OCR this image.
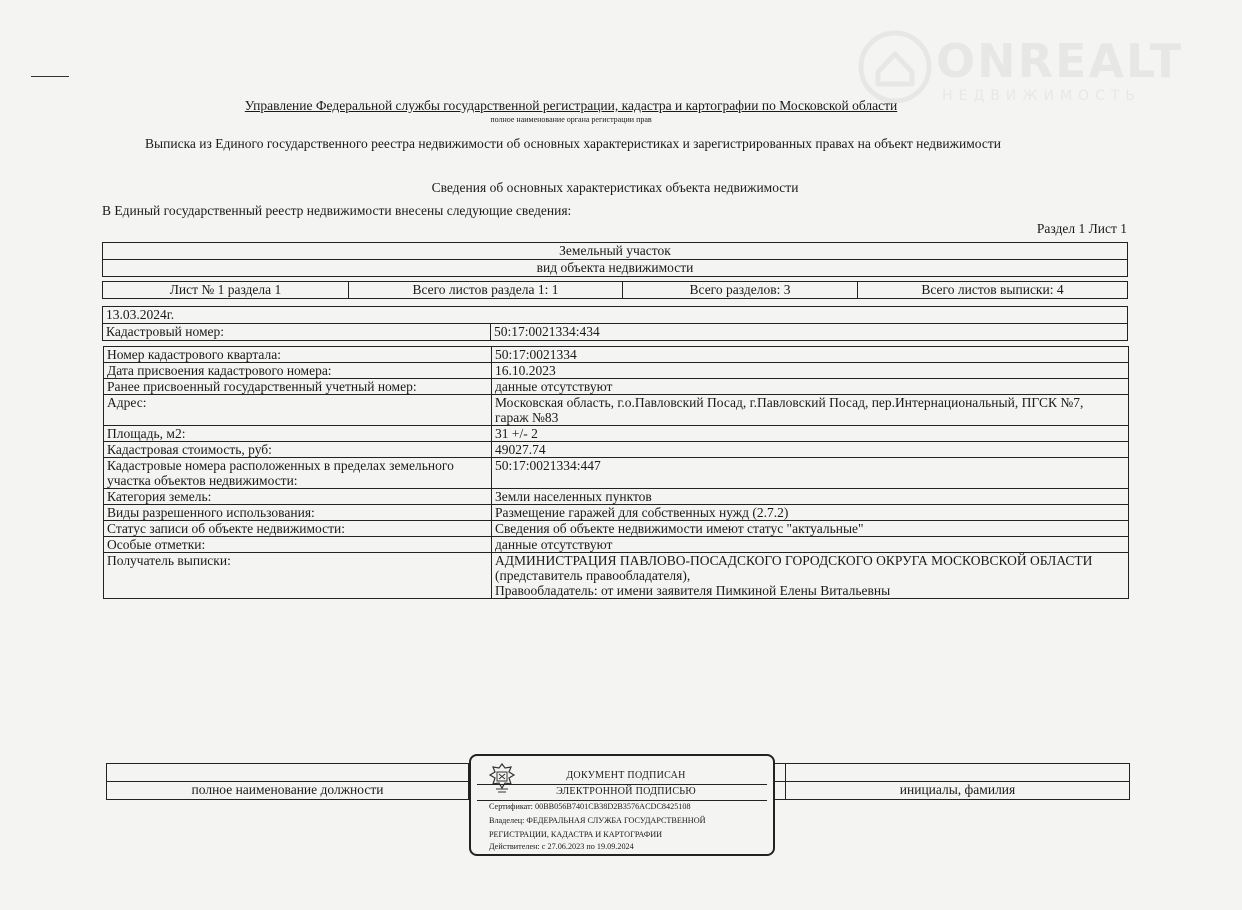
ONREALT
НЕДВИЖИМОСТЬ
Управление Федеральной службы государственной регистрации, кадастра и картографии по Московской области
полное наименование органа регистрации прав
Выписка из Единого государственного реестра недвижимости об основных характеристиках и зарегистрированных правах на объект недвижимости
Сведения об основных характеристиках объекта недвижимости
В Единый государственный реестр недвижимости внесены следующие сведения:
Раздел 1 Лист 1
Земельный участок
вид объекта недвижимости
Лист № 1 раздела 1	Всего листов раздела 1: 1	Всего разделов: 3	Всего листов выписки: 4
13.03.2024г.
Кадастровый номер:	50:17:0021334:434
Номер кадастрового квартала:	50:17:0021334

Дата присвоения кадастрового номера:	16.10.2023

Ранее присвоенный государственный учетный номер:	данные отсутствуют

Адрес:	Московская область, г.о.Павловский Посад, г.Павловский Посад, пер.Интернациональный, ПГСК №7,
гараж №83

Площадь, м2:	31 +/- 2

Кадастровая стоимость, руб:	49027.74

Кадастровые номера расположенных в пределах земельного участка объектов недвижимости:	50:17:0021334:447

Категория земель:	Земли населенных пунктов

Виды разрешенного использования:	Размещение гаражей для собственных нужд (2.7.2)

Статус записи об объекте недвижимости:	Сведения об объекте недвижимости имеют статус "актуальные"

Особые отметки:	данные отсутствуют

Получатель выписки:	АДМИНИСТРАЦИЯ ПАВЛОВО-ПОСАДСКОГО ГОРОДСКОГО ОКРУГА МОСКОВСКОЙ ОБЛАСТИ
(представитель правообладателя),
Правообладатель: от имени заявителя Пимкиной Елены Витальевны

полное наименование должности		инициалы, фамилия
ДОКУМЕНТ ПОДПИСАН
ЭЛЕКТРОННОЙ ПОДПИСЬЮ
Сертификат: 00BB056B7401CB38D2B3576ACDC8425108
Владелец: ФЕДЕРАЛЬНАЯ СЛУЖБА ГОСУДАРСТВЕННОЙ
РЕГИСТРАЦИИ, КАДАСТРА И КАРТОГРАФИИ
Действителен: с 27.06.2023 по 19.09.2024
